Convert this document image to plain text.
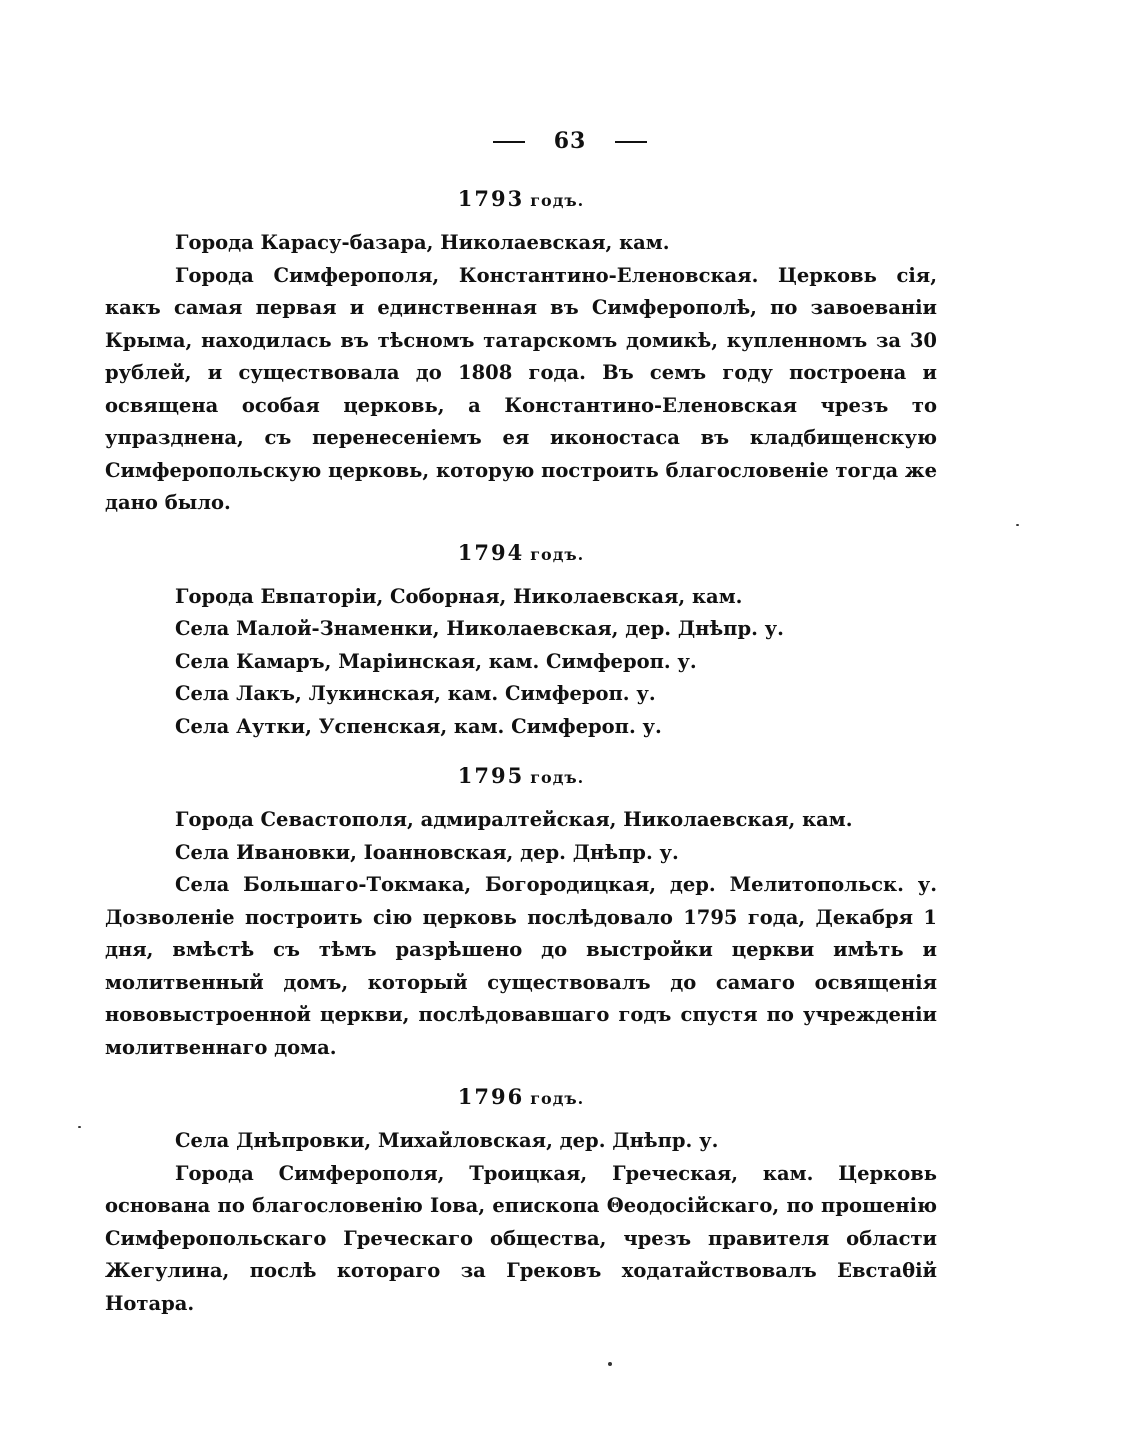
63
1793 годъ.

Города Карасу-базара, Николаевская, кам.

Города Симферополя, Константино-Еленовская. Церковь сія, какъ самая первая и единственная въ Симферополѣ, по завоеваніи Крыма, находилась въ тѣсномъ татарскомъ домикѣ, купленномъ за 30 рублей, и существовала до 1808 года. Въ семъ году построена и освящена особая церковь, а Константино-Еленовская чрезъ то упразднена, съ перенесеніемъ ея иконостаса въ кладбищенскую Симферопольскую церковь, которую построить благословеніе тогда же дано было.

1794 годъ.

Города Евпаторіи, Соборная, Николаевская, кам.

Села Малой-Знаменки, Николаевская, дер. Днѣпр. у.

Села Камаръ, Маріинская, кам. Симфероп. у.

Села Лакъ, Лукинская, кам. Симфероп. у.

Села Аутки, Успенская, кам. Симфероп. у.

1795 годъ.

Города Севастополя, адмиралтейская, Николаевская, кам.

Села Ивановки, Іоанновская, дер. Днѣпр. у.

Села Большаго-Токмака, Богородицкая, дер. Мелитопольск. у. Дозволеніе построить сію церковь послѣдовало 1795 года, Декабря 1 дня, вмѣстѣ съ тѣмъ разрѣшено до выстройки церкви имѣть и молитвенный домъ, который существовалъ до самаго освященія нововыстроенной церкви, послѣдовавшаго годъ спустя по учрежденіи молитвеннаго дома.

1796 годъ.

Села Днѣпровки, Михайловская, дер. Днѣпр. у.

Города Симферополя, Троицкая, Греческая, кам. Церковь основана по благословенію Іова, епископа Θеодосійскаго, по прошенію Симферопольскаго Греческаго общества, чрезъ правителя области Жегулина, послѣ котораго за Грековъ ходатайствовалъ Евстаθій Нотара.
